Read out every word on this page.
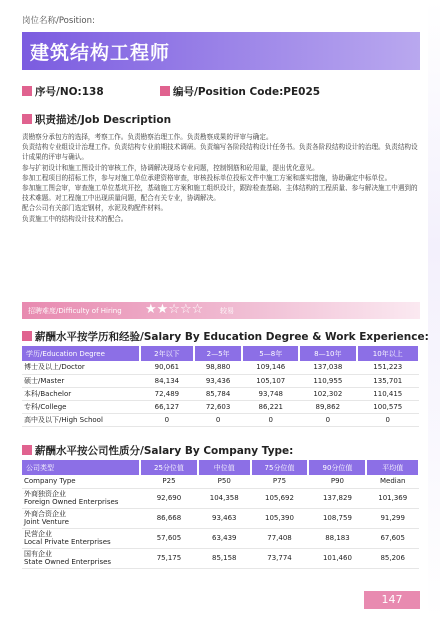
岗位名称/Position:
建筑结构工程师
序号/NO:138	编号/Position Code:PE025
职责描述/Job Description

责勘察分承包方的选择，考察工作。负责勘察治理工作。负责勘察成果的评审与确定。

负责结构专业组设计治理工作。负责结构专业前期技术调研。负责编写各阶段结构设计任务书。负责各阶段结构设计的治理。负责结构设计成果的评审与确认。

参与扩初设计和施工图设计的审核工作，协调解决现场专业问题，控制钢筋和砼用量，提出优化意见。

参加工程项目的招标工作，参与对施工单位承建资格审查，审核投标单位投标文件中施工方案和落实措施，协助确定中标单位。

参加施工图会审，审查施工单位基坑开挖，基础施工方案和施工组织设计，跟踪检查基础、主体结构的工程质量、参与解决施工中遇到的技术难题。对工程施工中出现质量问题，配合有关专业，协调解决。

配合公司有关部门选定钢材，水泥及构配件材料。

负责施工中的结构设计技术的配合。

招聘难度/Difficulty of Hiring ★★☆☆☆ 较易
薪酬水平按学历和经验/Salary By Education Degree & Work Experience:
学历/Education Degree	2年以下	2—5年	5—8年	8—10年	10年以上
博士及以上/Doctor	90,061	98,880	109,146	137,038	151,223
硕士/Master	84,134	93,436	105,107	110,955	135,701
本科/Bachelor	72,489	85,784	93,748	102,302	110,415
专科/College	66,127	72,603	86,221	89,862	100,575
高中及以下/High School	0	0	0	0	0
薪酬水平按公司性质分/Salary By Company Type:
公司类型	25分位值	中位值	75分位值	90分位值	平均值
Company Type	P25	P50	P75	P90	Median

外商独资企业
Foreign Owned Enterprises	92,690	104,358	105,692	137,829	101,369

外商合资企业
Joint Venture	86,668	93,463	105,390	108,759	91,299

民营企业
Local Private Enterprises	57,605	63,439	77,408	88,183	67,605

国有企业
State Owned Enterprises	75,175	85,158	73,774	101,460	85,206
147
